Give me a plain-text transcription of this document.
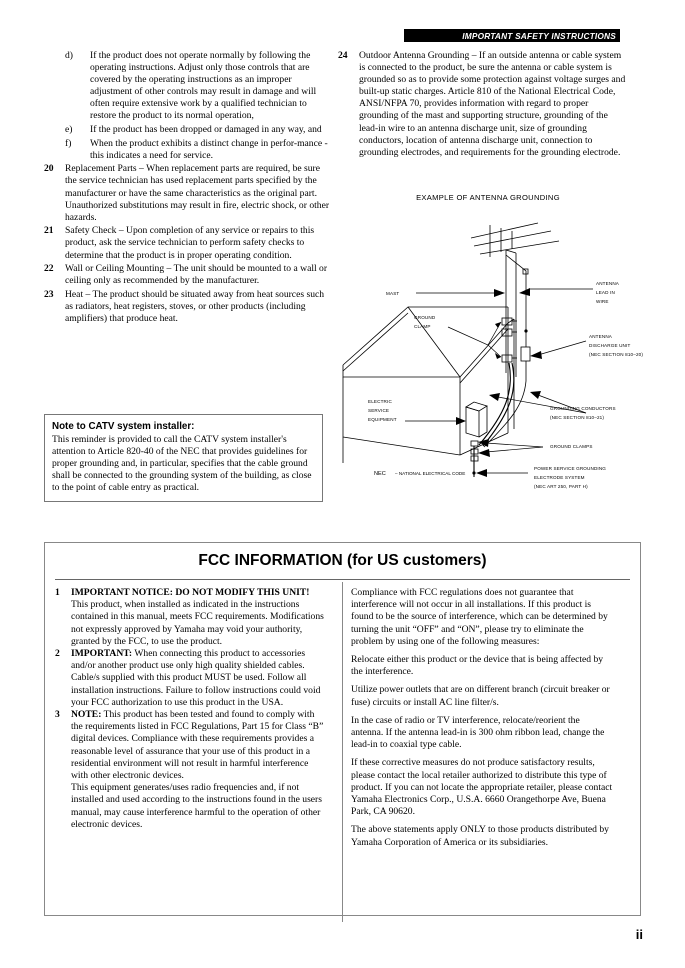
IMPORTANT SAFETY INSTRUCTIONS
d)	If the product does not operate normally by following the operating instructions. Adjust only those controls that are covered by the operating instructions as an improper adjustment of other controls may result in damage and will often require extensive work by a qualified technician to restore the product to its normal operation,
e)	If the product has been dropped or damaged in any way, and
f)	When the product exhibits a distinct change in perfor-mance - this indicates a need for service.
20	Replacement Parts – When replacement parts are required, be sure the service technician has used replacement parts specified by the manufacturer or have the same characteristics as the original part. Unauthorized substitutions may result in fire, electric shock, or other hazards.
21	Safety Check – Upon completion of any service or repairs to this product, ask the service technician to perform safety checks to determine that the product is in proper operating condition.
22	Wall or Ceiling Mounting – The unit should be mounted to a wall or ceiling only as recommended by the manufacturer.
23	Heat – The product should be situated away from heat sources such as radiators, heat registers, stoves, or other products (including amplifiers) that produce heat.
Note to CATV system installer:
This reminder is provided to call the CATV system installer's attention to Article 820-40 of the NEC that provides guidelines for proper grounding and, in particular, specifies that the cable ground shall be connected to the grounding system of the building, as close to the point of cable entry as practical.
24	Outdoor Antenna Grounding – If an outside antenna or cable system is connected to the product, be sure the antenna or cable system is grounded so as to provide some protection against voltage surges and built-up static charges. Article 810 of the National Electrical Code, ANSI/NFPA 70, provides information with regard to proper grounding of the mast and supporting structure, grounding of the lead-in wire to an antenna discharge unit, size of grounding conductors, location of antenna discharge unit, connection to grounding electrodes, and requirements for the grounding electrode.
EXAMPLE OF ANTENNA GROUNDING
MAST
ANTENNA
LEAD IN
WIRE
GROUND
CLAMP
ANTENNA
DISCHARGE UNIT
(NEC SECTION 810–20)
ELECTRIC
SERVICE
EQUIPMENT
GROUNDING CONDUCTORS
(NEC SECTION 810–21)
GROUND CLAMPS
POWER SERVICE GROUNDING
ELECTRODE SYSTEM
(NEC ART 250, PART H)
NEC – NATIONAL ELECTRICAL CODE
FCC INFORMATION (for US customers)
1	IMPORTANT NOTICE: DO NOT MODIFY THIS UNIT!
This product, when installed as indicated in the instructions contained in this manual, meets FCC requirements. Modifications not expressly approved by Yamaha may void your authority, granted by the FCC, to use the product.
2	IMPORTANT: When connecting this product to accessories and/or another product use only high quality shielded cables. Cable/s supplied with this product MUST be used. Follow all installation instructions. Failure to follow instructions could void your FCC authorization to use this product in the USA.
3	NOTE: This product has been tested and found to comply with the requirements listed in FCC Regulations, Part 15 for Class “B” digital devices. Compliance with these requirements provides a reasonable level of assurance that your use of this product in a residential environment will not result in harmful interference with other electronic devices.
This equipment generates/uses radio frequencies and, if not installed and used according to the instructions found in the users manual, may cause interference harmful to the operation of other electronic devices.
Compliance with FCC regulations does not guarantee that interference will not occur in all installations. If this product is found to be the source of interference, which can be determined by turning the unit “OFF” and “ON”, please try to eliminate the problem by using one of the following measures:
Relocate either this product or the device that is being affected by the interference.
Utilize power outlets that are on different branch (circuit breaker or fuse) circuits or install AC line filter/s.
In the case of radio or TV interference, relocate/reorient the antenna. If the antenna lead-in is 300 ohm ribbon lead, change the lead-in to coaxial type cable.
If these corrective measures do not produce satisfactory results, please contact the local retailer authorized to distribute this type of product. If you can not locate the appropriate retailer, please contact Yamaha Electronics Corp., U.S.A. 6660 Orangethorpe Ave, Buena Park, CA 90620.
The above statements apply ONLY to those products distributed by Yamaha Corporation of America or its subsidiaries.
ii
